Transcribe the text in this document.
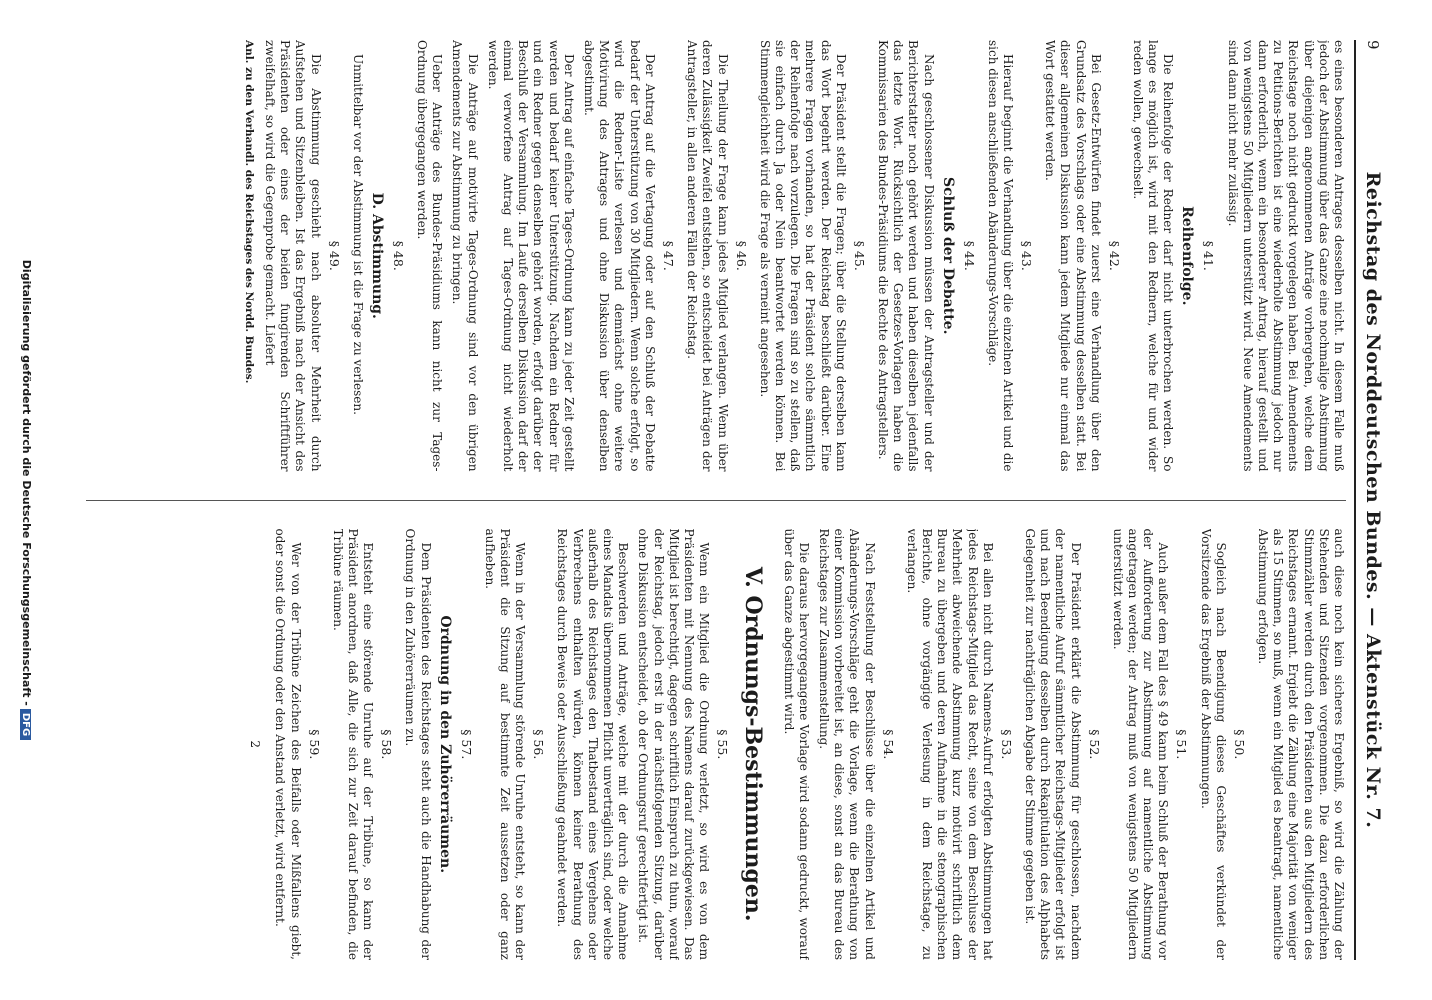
9
Reichstag des Norddeutschen Bundes. — Aktenstück Nr. 7.

es eines besonderen Antrages desselben nicht. In diesem Falle muß jedoch der Abstimmung über das Ganze eine nochmalige Abstimmung über diejenigen angenommenen Anträge vorhergehen, welche dem Reichstage noch nicht gedruckt vorgelegen haben. Bei Amendements zu Petitions-Berichten ist eine wiederholte Abstimmung jedoch nur dann erforderlich, wenn ein besonderer Antrag, hierauf gestellt und von wenigstens 50 Mitgliedern unterstützt wird. Neue Amendements sind dann nicht mehr zulässig.

§ 41.
Reihenfolge.

Die Reihenfolge der Redner darf nicht unterbrochen werden. So lange es möglich ist, wird mit den Rednern, welche für und wider reden wollen, gewechselt.

§ 42.

Bei Gesetz-Entwürfen findet zuerst eine Verhandlung über den Grundsatz des Vorschlags oder eine Abstimmung desselben statt. Bei dieser allgemeinen Diskussion kann jedem Mitgliede nur einmal das Wort gestattet werden.

§ 43.

Hierauf beginnt die Verhandlung über die einzelnen Artikel und die sich diesen anschließenden Abänderungs-Vorschläge.

§ 44.
Schluß der Debatte.

Nach geschlossener Diskussion müssen der Antragsteller und der Berichterstatter noch gehört werden und haben dieselben jedenfalls das letzte Wort. Rücksichtlich der Gesetzes-Vorlagen haben die Kommissarien des Bundes-Präsidiums die Rechte des Antragstellers.

§ 45.

Der Präsident stellt die Fragen; über die Stellung derselben kann das Wort begehrt werden. Der Reichstag beschließt darüber. Eine mehrere Fragen vorhanden, so hat der Präsident solche sämmtlich der Reihenfolge nach vorzulegen. Die Fragen sind so zu stellen, daß sie einfach durch Ja oder Nein beantwortet werden können. Bei Stimmengleichheit wird die Frage als verneint angesehen.

§ 46.

Die Theilung der Frage kann jedes Mitglied verlangen. Wenn über deren Zulässigkeit Zweifel entstehen, so entscheidet bei Anträgen der Antragsteller, in allen anderen Fällen der Reichstag.

§ 47.

Der Antrag auf die Vertagung oder auf den Schluß der Debatte bedarf der Unterstützung von 30 Mitgliedern. Wenn solche erfolgt, so wird die Redner-Liste verlesen und demnächst ohne weitere Motivirung des Antrages und ohne Diskussion über denselben abgestimmt.

Der Antrag auf einfache Tages-Ordnung kann zu jeder Zeit gestellt werden und bedarf keiner Unterstützung. Nachdem ein Redner für und ein Redner gegen denselben gehört worden, erfolgt darüber der Beschluß der Versammlung. Im Laufe derselben Diskussion darf der einmal verworfene Antrag auf Tages-Ordnung nicht wiederholt werden.

Die Anträge auf motivirte Tages-Ordnung sind vor den übrigen Amendements zur Abstimmung zu bringen.

Ueber Anträge des Bundes-Präsidiums kann nicht zur Tages-Ordnung übergegangen werden.

§ 48.
D. Abstimmung.

Unmittelbar vor der Abstimmung ist die Frage zu verlesen.

§ 49.

Die Abstimmung geschieht nach absoluter Mehrheit durch Aufstehen und Sitzenbleiben. Ist das Ergebniß nach der Ansicht des Präsidenten oder eines der beiden fungirenden Schriftführer zweifelhaft, so wird die Gegenprobe gemacht. Liefert

Anl. zu den Verhandl. des Reichstages des Nordd. Bundes.

auch diese noch kein sicheres Ergebniß, so wird die Zählung der Stehenden und Sitzenden vorgenommen. Die dazu erforderlichen Stimmzähler werden durch den Präsidenten aus den Mitgliedern des Reichstages ernannt. Ergiebt die Zählung eine Majorität von weniger als 15 Stimmen, so muß, wenn ein Mitglied es beantragt, namentliche Abstimmung erfolgen.

§ 50.

Sogleich nach Beendigung dieses Geschäftes verkündet der Vorsitzende das Ergebniß der Abstimmungen.

§ 51.

Auch außer dem Fall des § 49 kann beim Schluß der Berathung vor der Aufforderung zur Abstimmung auf namentliche Abstimmung angetragen werden; der Antrag muß von wenigstens 50 Mitgliedern unterstützt werden.

§ 52.

Der Präsident erklärt die Abstimmung für geschlossen, nachdem der namentliche Aufruf sämmtlicher Reichstags-Mitglieder erfolgt ist und nach Beendigung desselben durch Rekapitulation des Alphabets Gelegenheit zur nachträglichen Abgabe der Stimme gegeben ist.

§ 53.

Bei allen nicht durch Namens-Aufruf erfolgten Abstimmungen hat jedes Reichstags-Mitglied das Recht, seine von dem Beschlusse der Mehrheit abweichende Abstimmung kurz motivirt schriftlich dem Bureau zu übergeben und deren Aufnahme in die stenographischen Berichte, ohne vorgängige Verlesung in dem Reichstage, zu verlangen.

§ 54.

Nach Feststellung der Beschlüsse über die einzelnen Artikel und Abänderungs-Vorschläge geht die Vorlage, wenn die Berathung von einer Kommission vorbereitet ist, an diese, sonst an das Bureau des Reichstages zur Zusammenstellung.

Die daraus hervorgegangene Vorlage wird sodann gedruckt, worauf über das Ganze abgestimmt wird.

V. Ordnungs-Bestimmungen.
§ 55.

Wenn ein Mitglied die Ordnung verletzt, so wird es von dem Präsidenten mit Nennung des Namens darauf zurückgewiesen. Das Mitglied ist berechtigt, dagegen schriftlich Einspruch zu thun, worauf der Reichstag, jedoch erst in der nächstfolgenden Sitzung, darüber ohne Diskussion entscheidet, ob der Ordnungsruf gerechtfertigt ist.

Beschwerden und Anträge, welche mit der durch die Annahme eines Mandats übernommenen Pflicht unverträglich sind, oder welche außerhalb des Reichstages den Thatbestand eines Vergehens oder Verbrechens enthalten würden, können keiner Berathung des Reichstages durch Beweis oder Ausschließung geahndet werden.

§ 56.

Wenn in der Versammlung störende Unruhe entsteht, so kann der Präsident die Sitzung auf bestimmte Zeit aussetzen oder ganz aufheben.

§ 57.
Ordnung in den Zuhörerräumen.

Dem Präsidenten des Reichstages steht auch die Handhabung der Ordnung in den Zuhörerräumen zu.

§ 58.

Entsteht eine störende Unruhe auf der Tribüne, so kann der Präsident anordnen, daß Alle, die sich zur Zeit darauf befinden, die Tribüne räumen.

§ 59.

Wer von der Tribüne Zeichen des Beifalls oder Mißfallens giebt, oder sonst die Ordnung oder den Anstand verletzt, wird entfernt.

2
Digitalisierung gefördert durch die Deutsche Forschungsgemeinschaft -DFG
